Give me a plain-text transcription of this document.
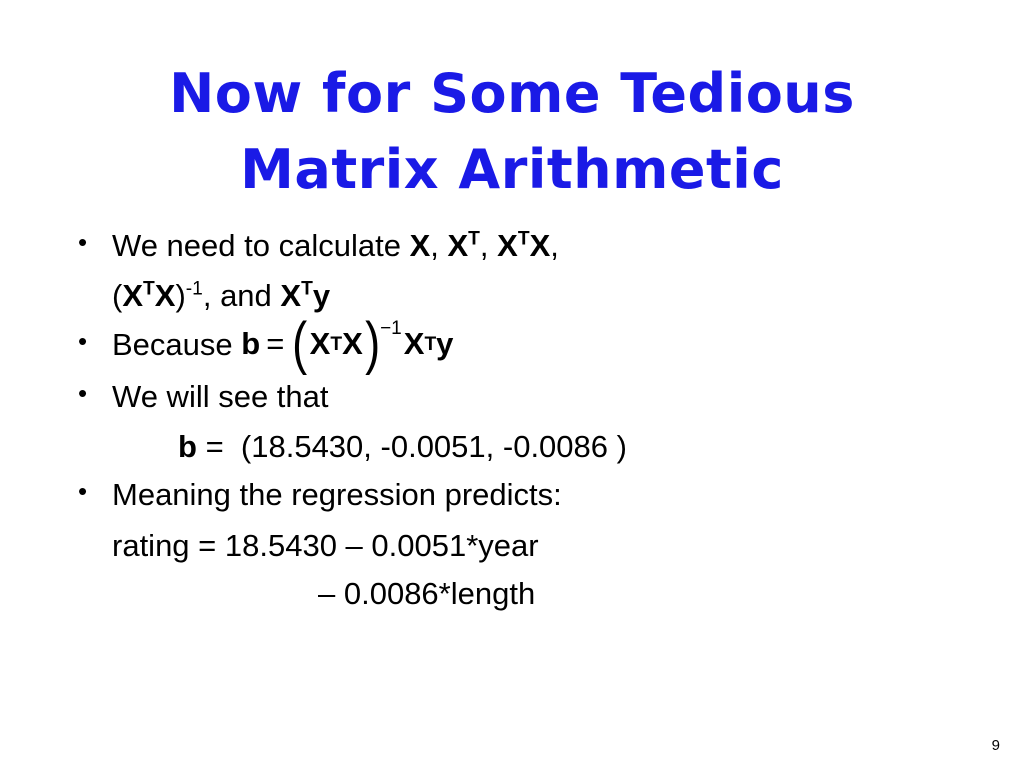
Now for Some Tedious
Matrix Arithmetic
• We need to calculate X, $X^T$, $X^TX$,
$(X^TX)^{-1}$, and $X^Ty$
• Because b = ( X T X ) −1 X T y
• We will see that
b = (18.5430, -0.0051, -0.0086 )
• Meaning the regression predicts:
rating = 18.5430 – 0.0051*year
– 0.0086*length
9
